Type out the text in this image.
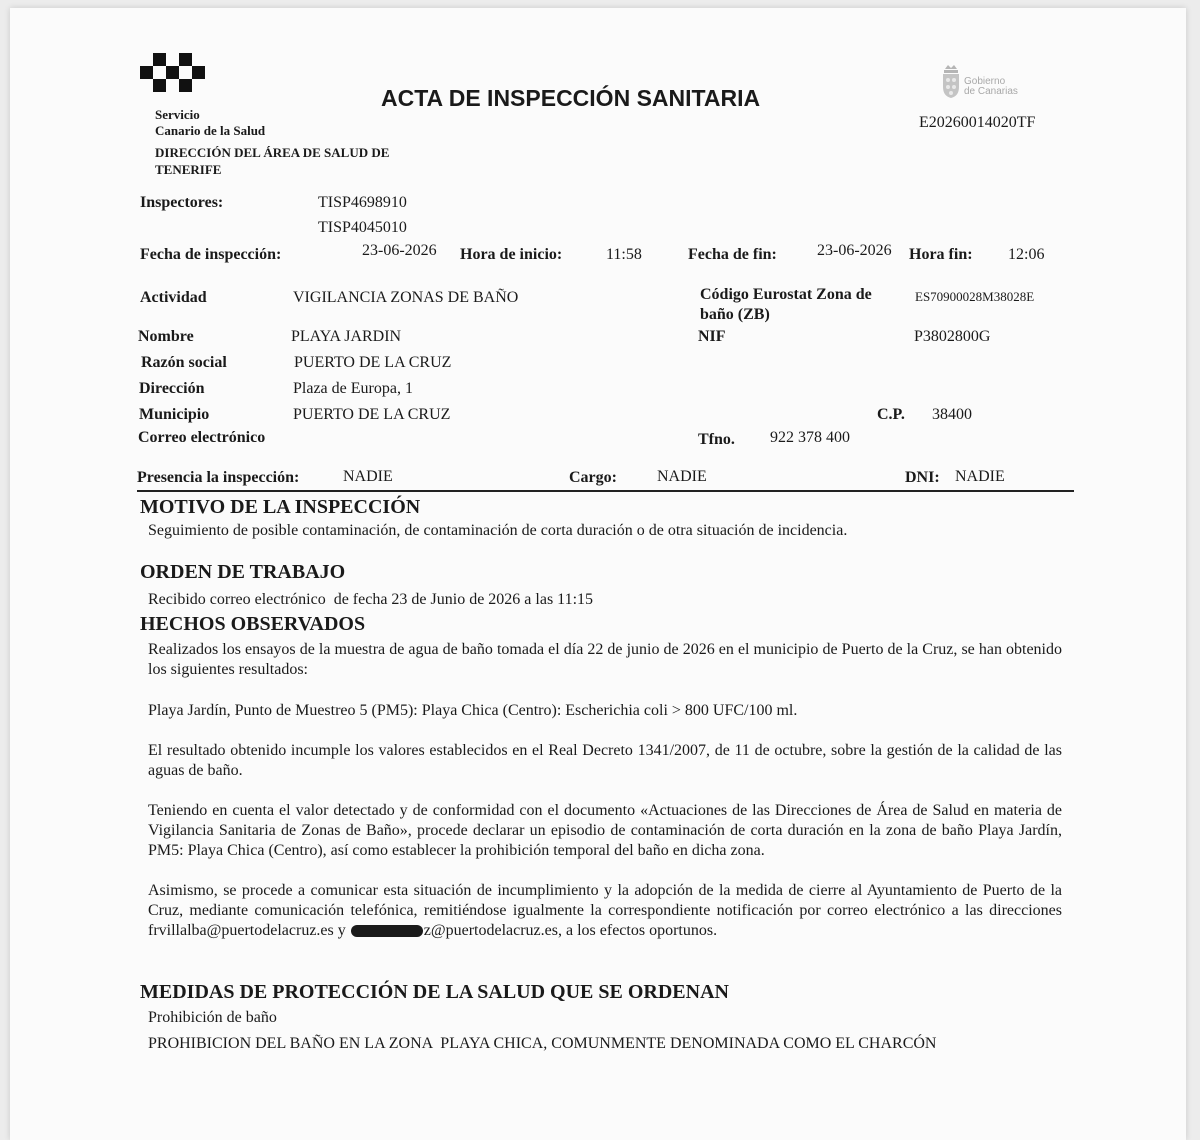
Servicio
Canario de la Salud
DIRECCIÓN DEL ÁREA DE SALUD DE
TENERIFE
ACTA DE INSPECCIÓN SANITARIA
Gobierno
de Canarias
E20260014020TF
Inspectores:	TISP4698910
TISP4045010
Fecha de inspección:	23-06-2026 Hora de inicio:	11:58	Fecha de fin:	23-06-2026 Hora fin: 12:06
Actividad	VIGILANCIA ZONAS DE BAÑO	Código Eurostat Zona de
baño (ZB)
ES70900028M38028E
Nombre	PLAYA JARDIN	NIF	P3802800G
Razón social	PUERTO DE LA CRUZ
Dirección	Plaza de Europa, 1
Municipio	PUERTO DE LA CRUZ	C.P. 38400
Correo electrónico	Tfno. 922 378 400
Presencia la inspección:	NADIE	Cargo:	NADIE	DNI: NADIE
MOTIVO DE LA INSPECCIÓN
Seguimiento de posible contaminación, de contaminación de corta duración o de otra situación de incidencia.
ORDEN DE TRABAJO
Recibido correo electrónico  de fecha 23 de Junio de 2026 a las 11:15
HECHOS OBSERVADOS
Realizados los ensayos de la muestra de agua de baño tomada el día 22 de junio de 2026 en el municipio de Puerto de la Cruz, se han obtenido los siguientes resultados:
Playa Jardín, Punto de Muestreo 5 (PM5): Playa Chica (Centro): Escherichia coli > 800 UFC/100 ml.
El resultado obtenido incumple los valores establecidos en el Real Decreto 1341/2007, de 11 de octubre, sobre la gestión de la calidad de las aguas de baño.
Teniendo en cuenta el valor detectado y de conformidad con el documento «Actuaciones de las Direcciones de Área de Salud en materia de Vigilancia Sanitaria de Zonas de Baño», procede declarar un episodio de contaminación de corta duración en la zona de baño Playa Jardín, PM5: Playa Chica (Centro), así como establecer la prohibición temporal del baño en dicha zona.
Asimismo, se procede a comunicar esta situación de incumplimiento y la adopción de la medida de cierre al Ayuntamiento de Puerto de la Cruz, mediante comunicación telefónica, remitiéndose igualmente la correspondiente notificación por correo electrónico a las direcciones frvillalba@puertodelacruz.es y	z@puertodelacruz.es, a los efectos oportunos.
MEDIDAS DE PROTECCIÓN DE LA SALUD QUE SE ORDENAN
Prohibición de baño
PROHIBICION DEL BAÑO EN LA ZONA  PLAYA CHICA, COMUNMENTE DENOMINADA COMO EL CHARCÓN
